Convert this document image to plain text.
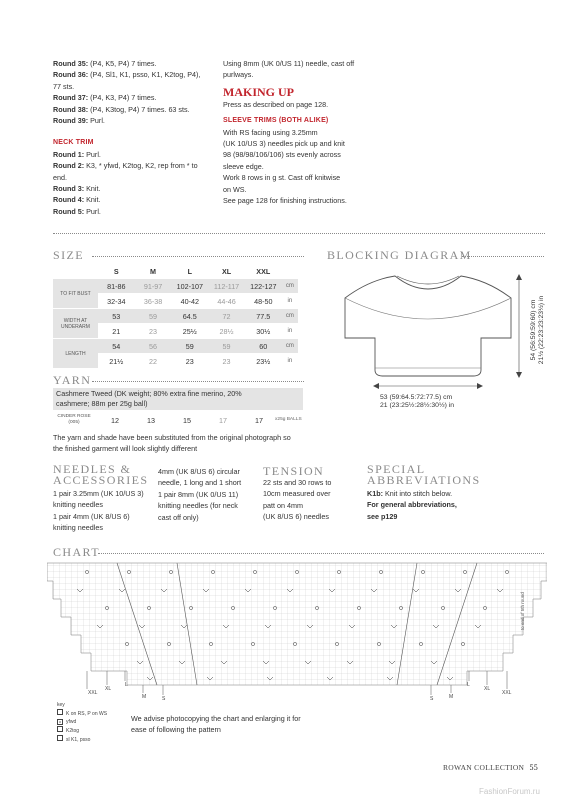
Round 35: (P4, K5, P4) 7 times.
Round 36: (P4, Sl1, K1, psso, K1, K2tog, P4), 77 sts.
Round 37: (P4, K3, P4) 7 times.
Round 38: (P4, K3tog, P4) 7 times. 63 sts.
Round 39: Purl.
NECK TRIM
Round 1: Purl.
Round 2: K3, * yfwd, K2tog, K2, rep from * to end.
Round 3: Knit.
Round 4: Knit.
Round 5: Purl.
Using 8mm (UK 0/US 11) needle, cast off purlways.
MAKING UP
Press as described on page 128.
SLEEVE TRIMS (BOTH ALIKE)
With RS facing using 3.25mm
(UK 10/US 3) needles pick up and knit
98 (98/98/106/106) sts evenly across
sleeve edge.
Work 8 rows in g st. Cast off knitwise
on WS.
See page 128 for finishing instructions.
SIZE
	S	M	L	XL	XXL	
TO FIT BUST	81-86	91-97	102-107	112-117	122-127	cm
	32-34	36-38	40-42	44-46	48-50	in
WIDTH AT UNDERARM	53	59	64.5	72	77.5	cm
	21	23	25½	28½	30½	in
LENGTH	54	56	59	59	60	cm
	21½	22	23	23	23½	in
BLOCKING DIAGRAM
54 (56:59:59:60) cm 21½ (22:23:23:23½) in
53 (59:64.5:72:77.5) cm
21 (23:25½:28½:30½) in
YARN
Cashmere Tweed (DK weight; 80% extra fine merino, 20%
cashmere; 88m per 25g ball)
CINDER ROSE (005)	12	13	15	17	17	x25g BALLS
The yarn and shade have been substituted from the original photograph so
the finished garment will look slightly different
NEEDLES &
ACCESSORIES
1 pair 3.25mm (UK 10/US 3)
knitting needles
1 pair 4mm (UK 8/US 6)
knitting needles
4mm (UK 8/US 6) circular
needle, 1 long and 1 short
1 pair 8mm (UK 0/US 11)
knitting needles (for neck
cast off only)
TENSION
22 sts and 30 rows to
10cm measured over
patt on 4mm
(UK 8/US 6) needles
SPECIAL
ABBREVIATIONS
K1b: Knit into stitch below.
For general abbreviations,
see p129
CHART
XXL
XL
L
M	S	S	M
L
XL
XXL
to end of 5th round
key
K on RS, P on WS
o yfwd
K2tog
sl K1, psso
We advise photocopying the chart and enlarging it for
ease of following the pattern
ROWAN COLLECTION 55
FashionForum.ru
